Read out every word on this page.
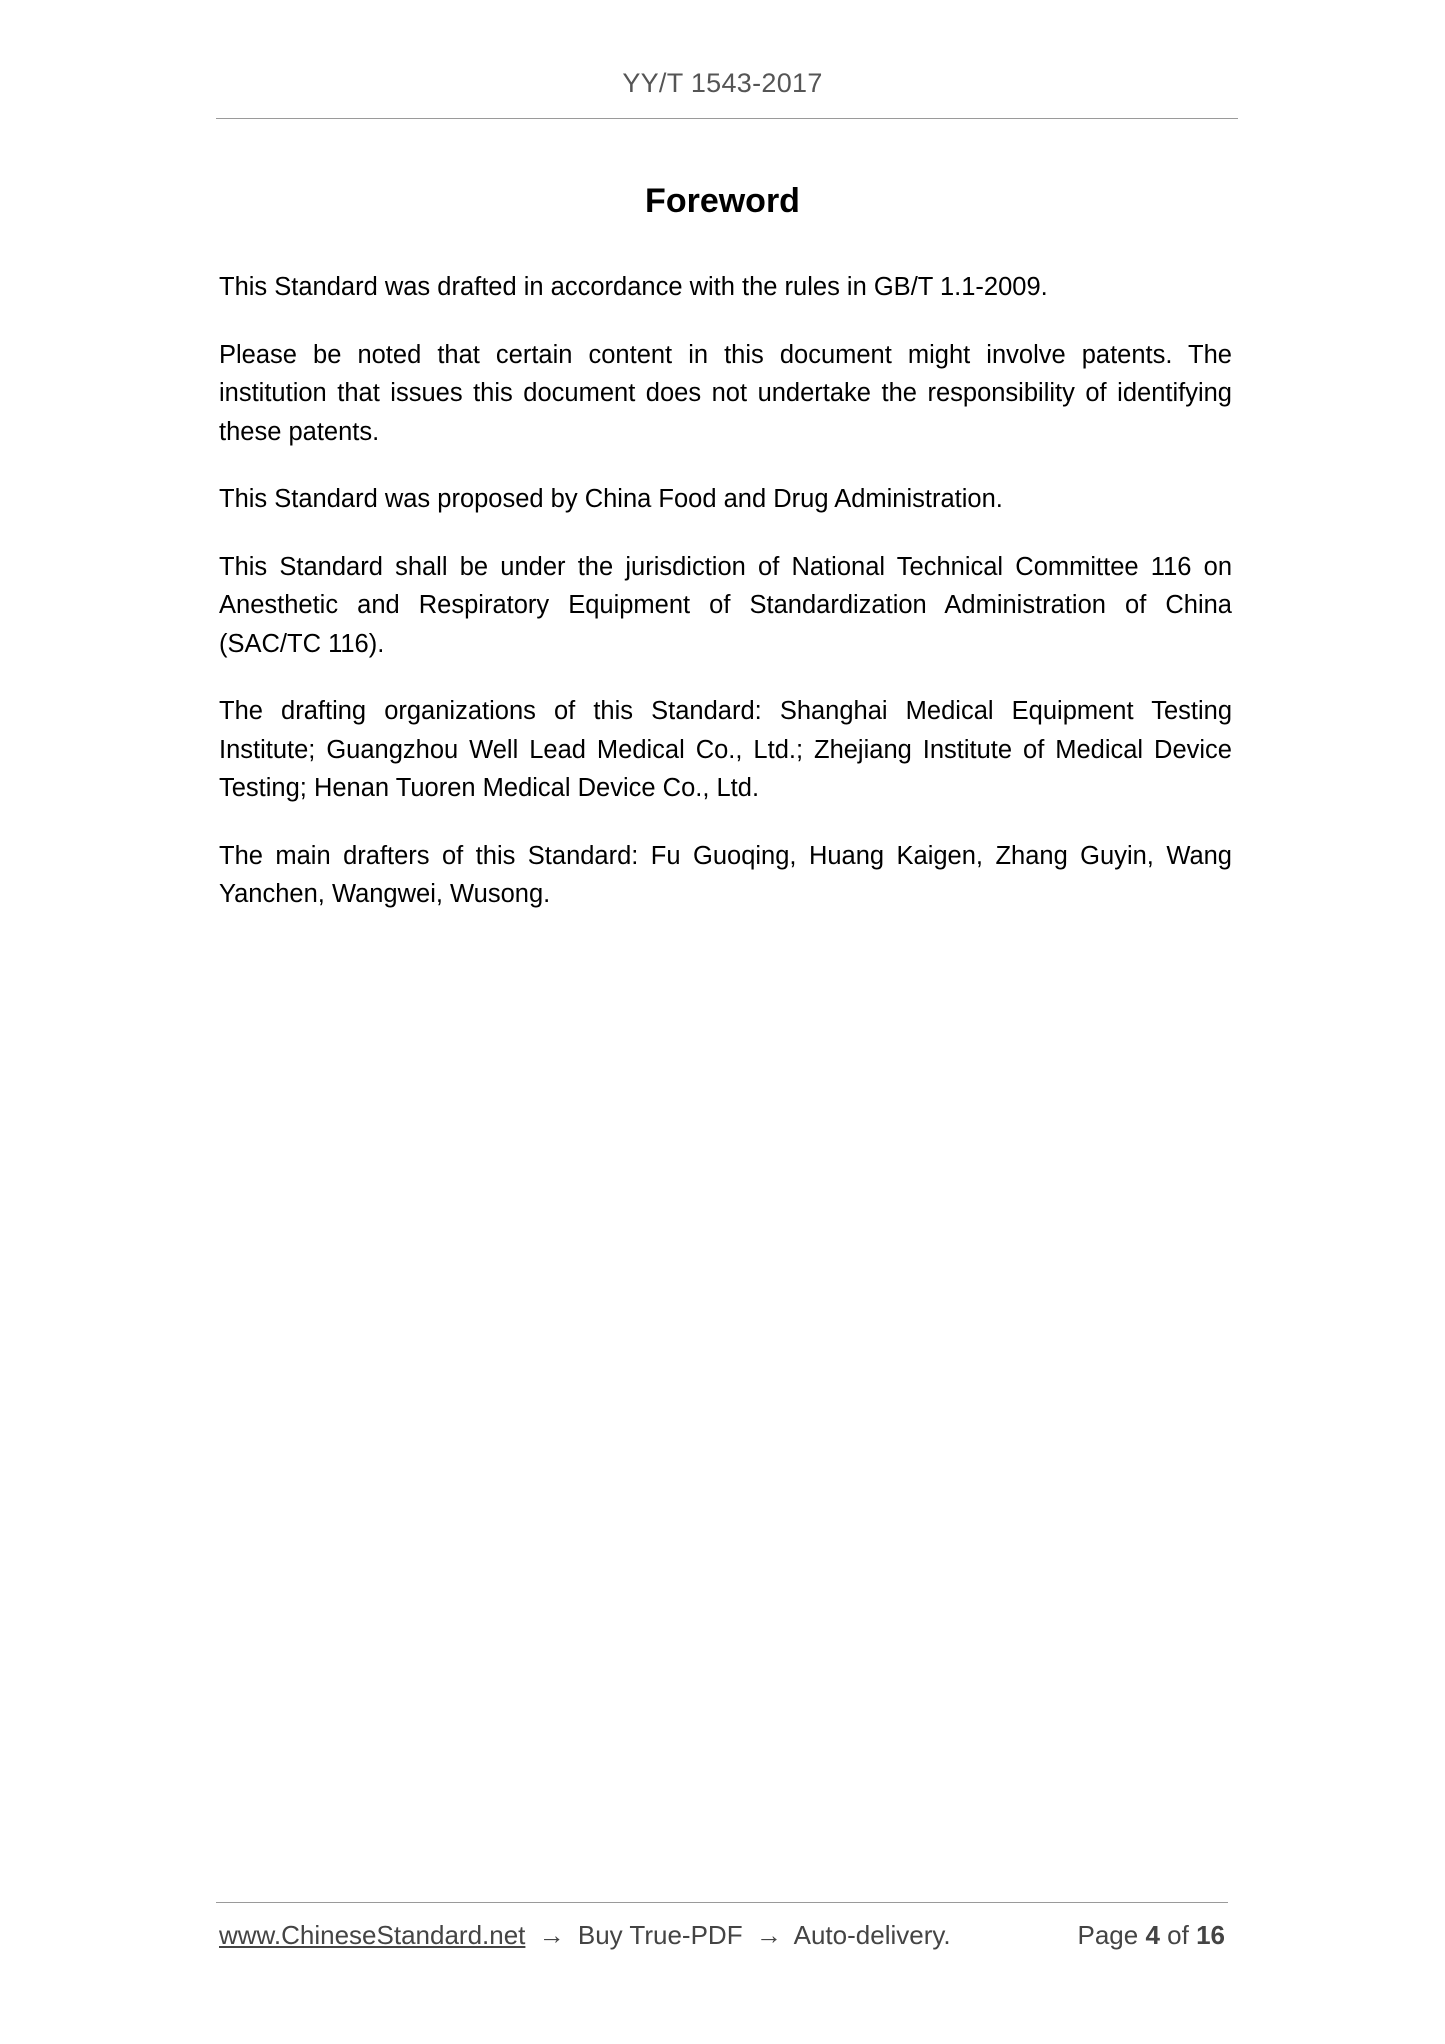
YY/T 1543-2017
Foreword

This Standard was drafted in accordance with the rules in GB/T 1.1-2009.

Please be noted that certain content in this document might involve patents. The institution that issues this document does not undertake the responsibility of identifying these patents.

This Standard was proposed by China Food and Drug Administration.

This Standard shall be under the jurisdiction of National Technical Committee 116 on Anesthetic and Respiratory Equipment of Standardization Administration of China (SAC/TC 116).

The drafting organizations of this Standard: Shanghai Medical Equipment Testing Institute; Guangzhou Well Lead Medical Co., Ltd.; Zhejiang Institute of Medical Device Testing; Henan Tuoren Medical Device Co., Ltd.

The main drafters of this Standard: Fu Guoqing, Huang Kaigen, Zhang Guyin, Wang Yanchen, Wangwei, Wusong.

www.ChineseStandard.net → Buy True-PDF → Auto-delivery.	Page 4 of 16
